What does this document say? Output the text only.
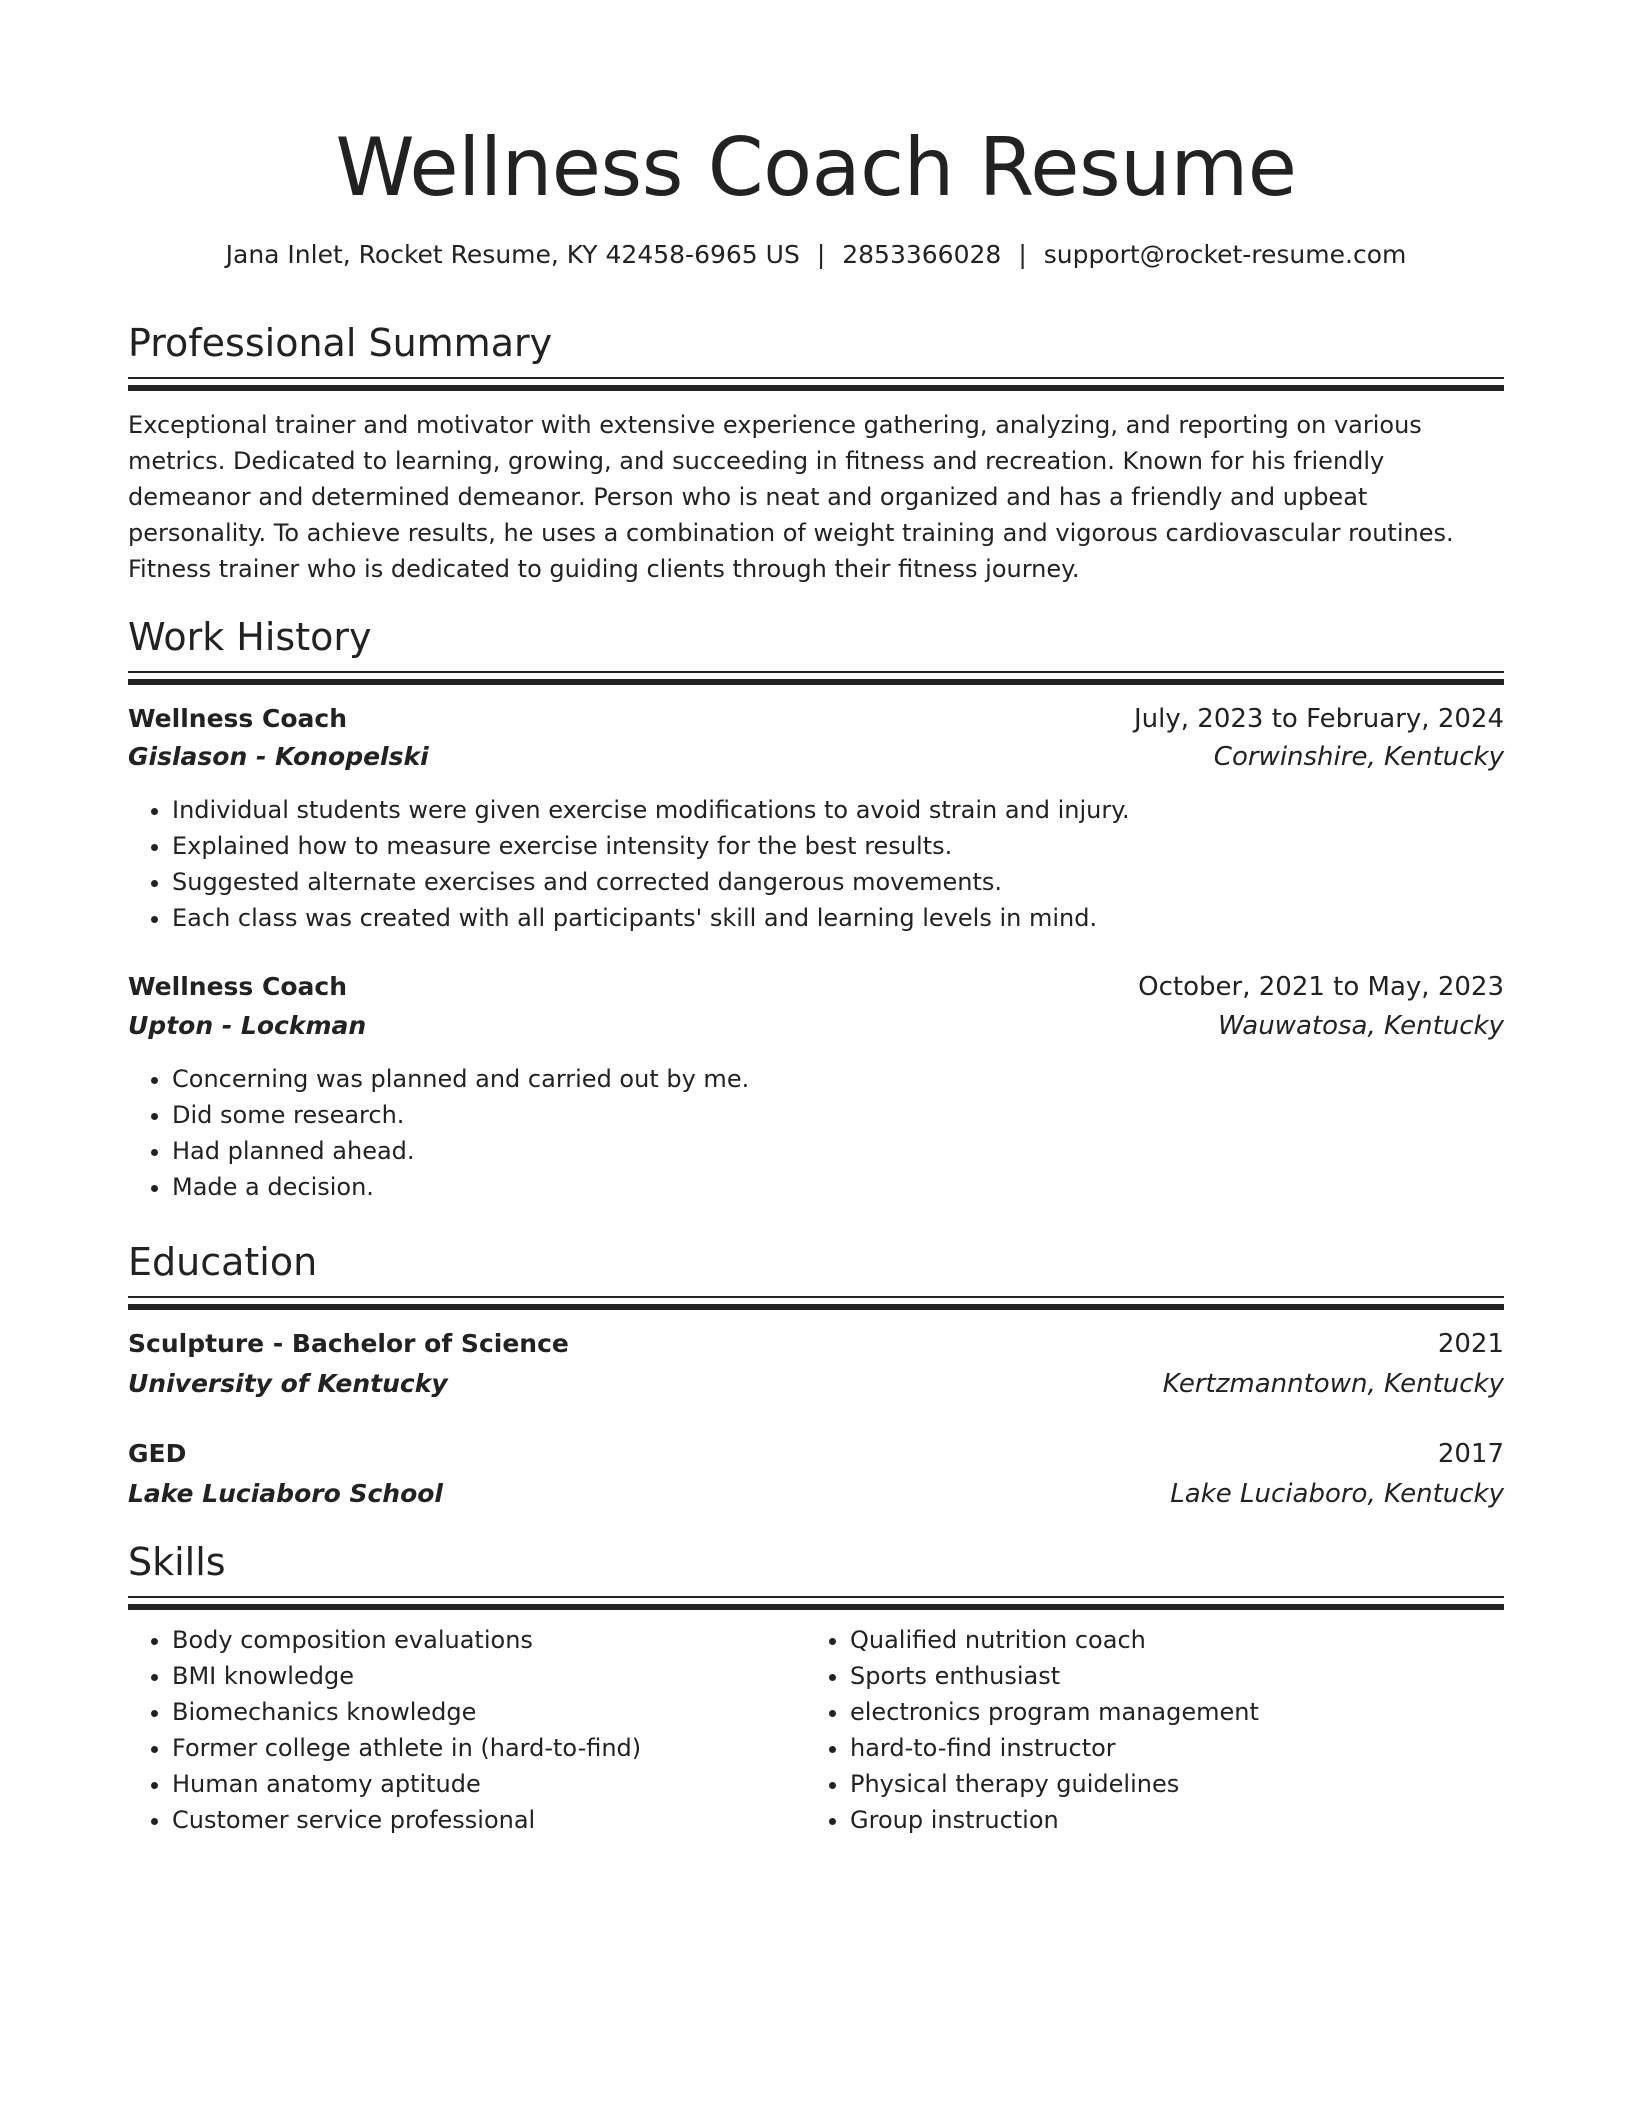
Wellness Coach Resume
Jana Inlet, Rocket Resume, KY 42458-6965 US | 2853366028 | support@rocket-resume.com
Professional Summary

Exceptional trainer and motivator with extensive experience gathering, analyzing, and reporting on various metrics. Dedicated to learning, growing, and succeeding in fitness and recreation. Known for his friendly demeanor and determined demeanor. Person who is neat and organized and has a friendly and upbeat personality. To achieve results, he uses a combination of weight training and vigorous cardiovascular routines. Fitness trainer who is dedicated to guiding clients through their fitness journey.

Work History
Wellness Coach	July, 2023 to February, 2024
Gislason - Konopelski	Corwinshire, Kentucky
• Individual students were given exercise modifications to avoid strain and injury.
• Explained how to measure exercise intensity for the best results.
• Suggested alternate exercises and corrected dangerous movements.
• Each class was created with all participants' skill and learning levels in mind.
Wellness Coach	October, 2021 to May, 2023
Upton - Lockman	Wauwatosa, Kentucky
• Concerning was planned and carried out by me.
• Did some research.
• Had planned ahead.
• Made a decision.
Education
Sculpture - Bachelor of Science	2021
University of Kentucky	Kertzmanntown, Kentucky
GED	2017
Lake Luciaboro School	Lake Luciaboro, Kentucky
Skills
• Body composition evaluations
• BMI knowledge
• Biomechanics knowledge
• Former college athlete in (hard-to-find)
• Human anatomy aptitude
• Customer service professional
• Qualified nutrition coach
• Sports enthusiast
• electronics program management
• hard-to-find instructor
• Physical therapy guidelines
• Group instruction
